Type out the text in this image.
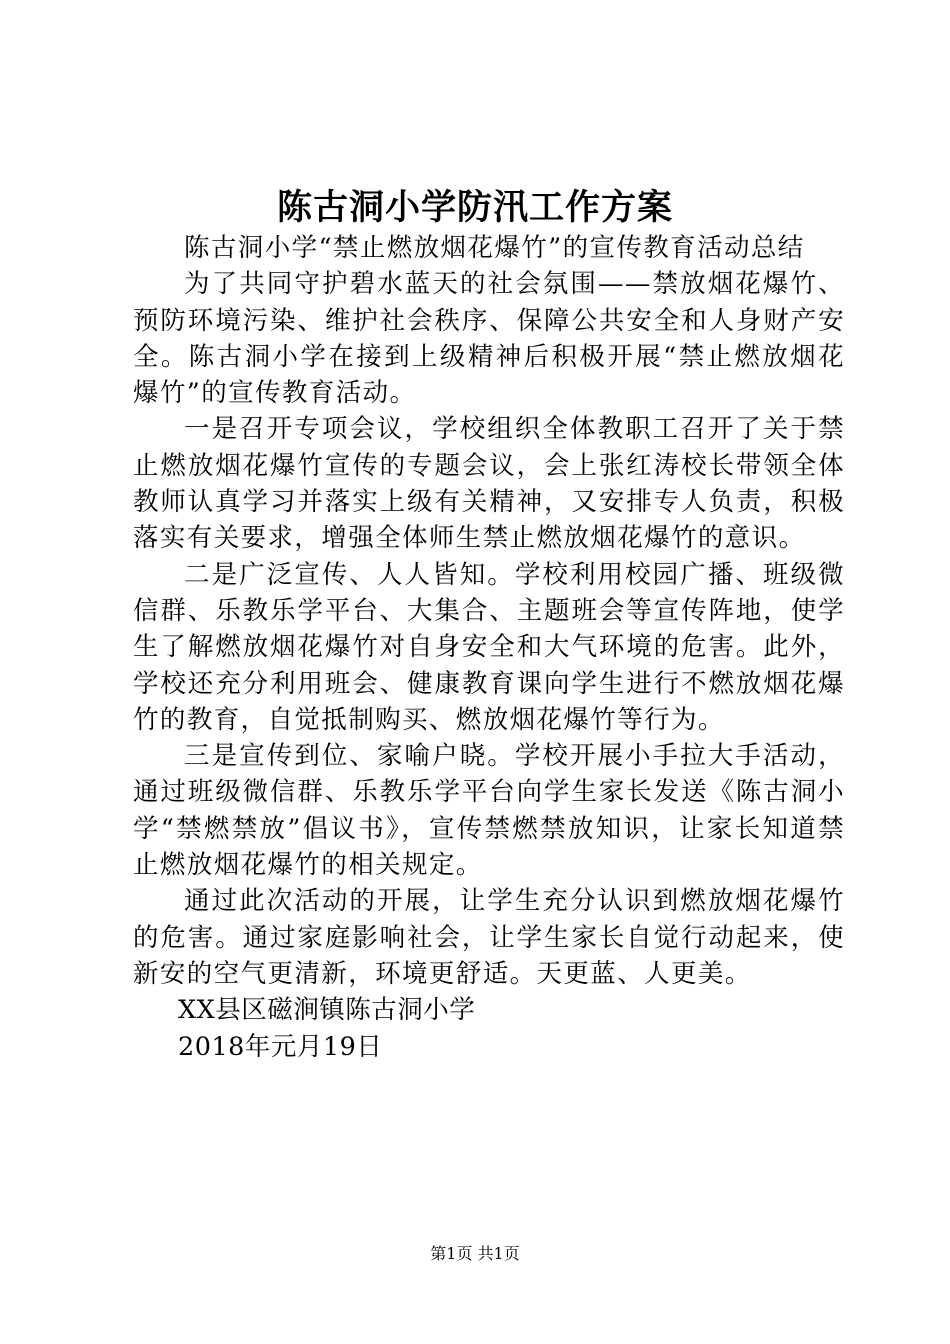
陈古洞小学防汛工作方案

陈古洞小学“禁止燃放烟花爆竹”的宣传教育活动总结

为了共同守护碧水蓝天的社会氛围——禁放烟花爆竹、预防环境污染、维护社会秩序、保障公共安全和人身财产安全。陈古洞小学在接到上级精神后积极开展“禁止燃放烟花爆竹”的宣传教育活动。

一是召开专项会议，学校组织全体教职工召开了关于禁止燃放烟花爆竹宣传的专题会议，会上张红涛校长带领全体教师认真学习并落实上级有关精神，又安排专人负责，积极落实有关要求，增强全体师生禁止燃放烟花爆竹的意识。

二是广泛宣传、人人皆知。学校利用校园广播、班级微信群、乐教乐学平台、大集合、主题班会等宣传阵地，使学生了解燃放烟花爆竹对自身安全和大气环境的危害。此外，学校还充分利用班会、健康教育课向学生进行不燃放烟花爆竹的教育，自觉抵制购买、燃放烟花爆竹等行为。

三是宣传到位、家喻户晓。学校开展小手拉大手活动，通过班级微信群、乐教乐学平台向学生家长发送《陈古洞小学“禁燃禁放”倡议书》，宣传禁燃禁放知识，让家长知道禁止燃放烟花爆竹的相关规定。

通过此次活动的开展，让学生充分认识到燃放烟花爆竹的危害。通过家庭影响社会，让学生家长自觉行动起来，使新安的空气更清新，环境更舒适。天更蓝、人更美。

XX县区磁涧镇陈古洞小学

2018年元月19日

第1页 共1页
